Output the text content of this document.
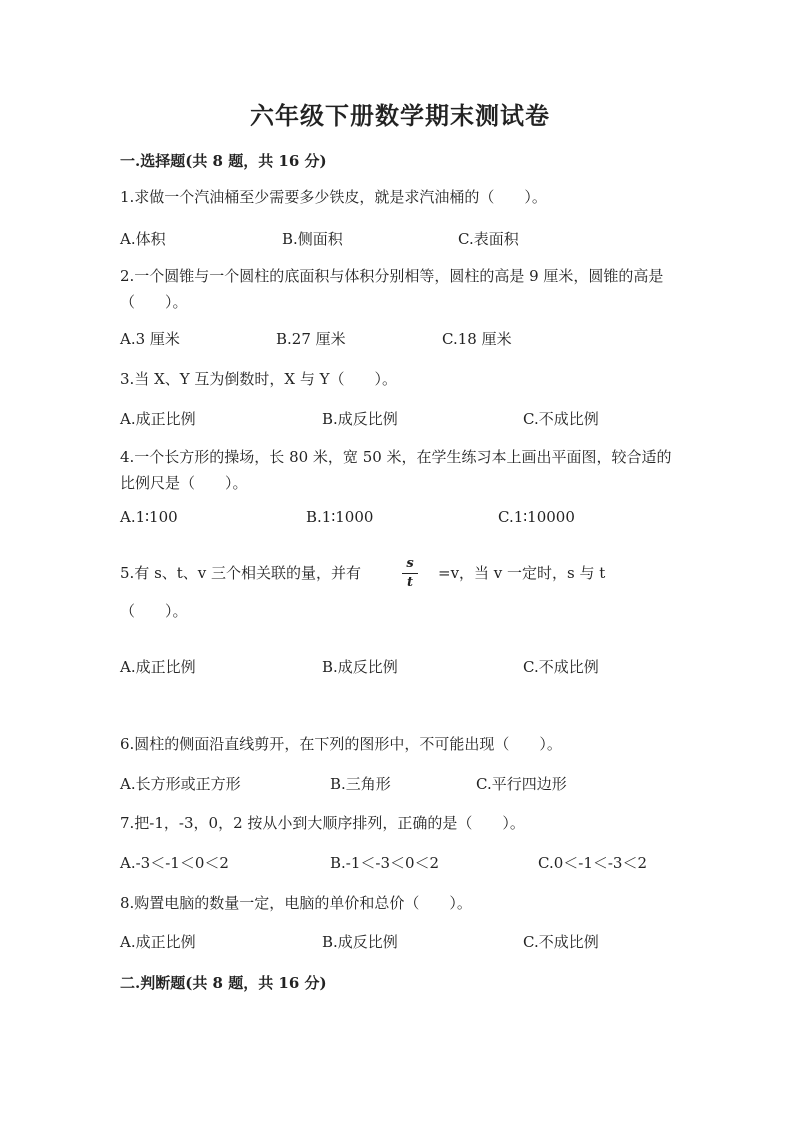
六年级下册数学期末测试卷
一.选择题(共 8 题，共 16 分)
1.求做一个汽油桶至少需要多少铁皮，就是求汽油桶的（　　）。
A.体积	B.侧面积	C.表面积
2.一个圆锥与一个圆柱的底面积与体积分别相等，圆柱的高是 9 厘米，圆锥的高是（　　）。
A.3 厘米	B.27 厘米	C.18 厘米
3.当 X、Y 互为倒数时，X 与 Y（　　）。
A.成正比例	B.成反比例	C.不成比例
4.一个长方形的操场，长 80 米，宽 50 米，在学生练习本上画出平面图，较合适的比例尺是（　　）。
A.1∶100	B.1∶1000	C.1∶10000
5.有 s、t、v 三个相关联的量，并有
s
t
=v，当 v 一定时，s 与 t
（　　）。
A.成正比例	B.成反比例	C.不成比例
6.圆柱的侧面沿直线剪开，在下列的图形中，不可能出现（　　）。
A.长方形或正方形	B.三角形	C.平行四边形
7.把-1，-3，0，2 按从小到大顺序排列，正确的是（　　）。
A.-3＜-1＜0＜2	B.-1＜-3＜0＜2	C.0＜-1＜-3＜2
8.购置电脑的数量一定，电脑的单价和总价（　　）。
A.成正比例	B.成反比例	C.不成比例
二.判断题(共 8 题，共 16 分)
